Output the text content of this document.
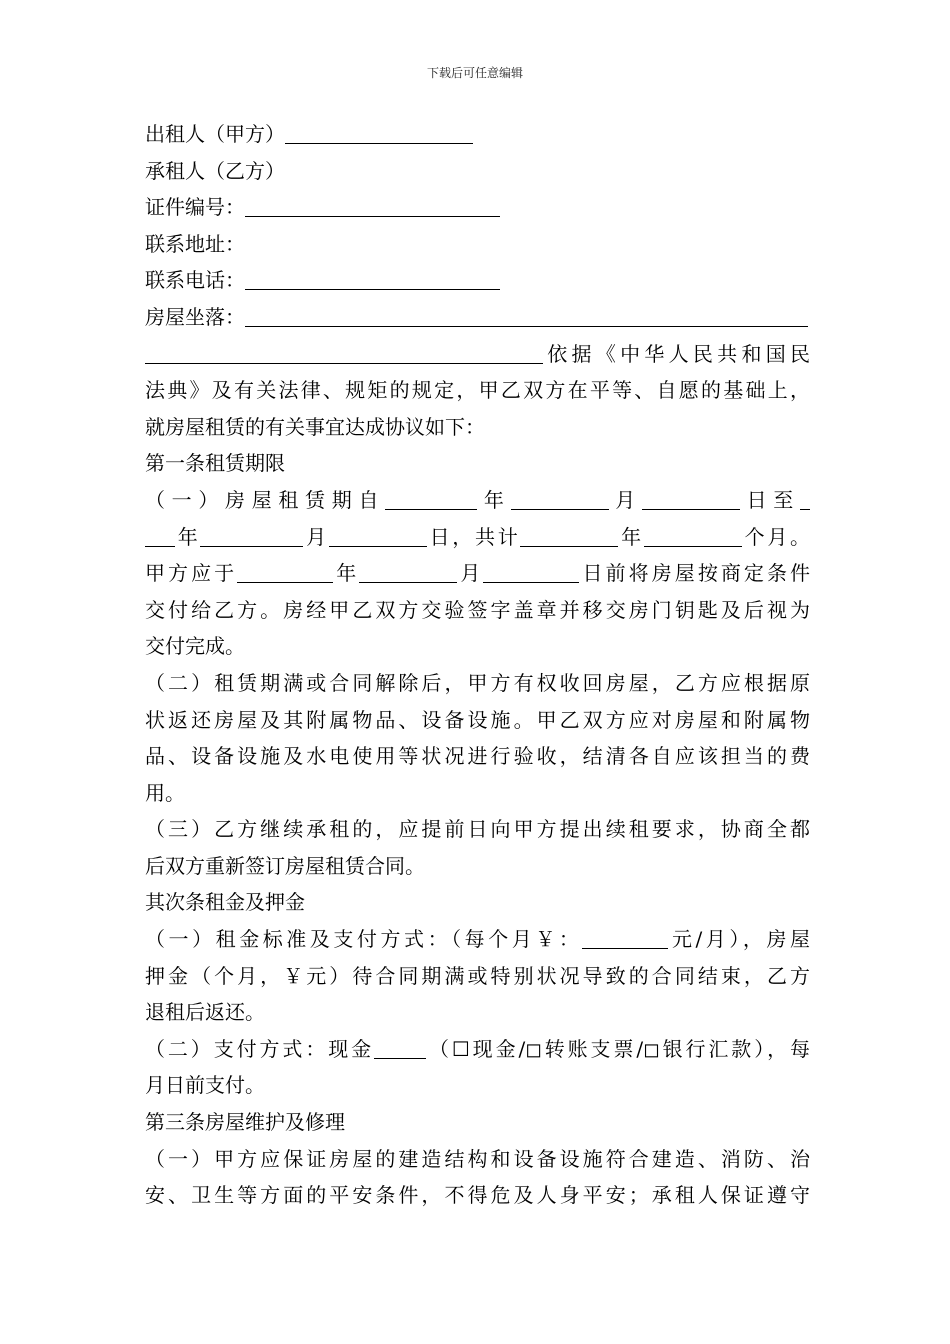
下载后可任意编辑
出租人（甲方）
承租人（乙方）
证件编号：
联系地址：
联系电话：
房屋坐落：
依据《中华人民共和国民
法典》及有关法律、规矩的规定，甲乙双方在平等、自愿的基础上，
就房屋租赁的有关事宜达成协议如下：
第一条租赁期限
（一）房屋租赁期自	年	月	日至
年	月	日，共计	年	个月。
甲方应于	年	月	日前将房屋按商定条件
交付给乙方。房经甲乙双方交验签字盖章并移交房门钥匙及后视为
交付完成。
（二）租赁期满或合同解除后，甲方有权收回房屋，乙方应根据原
状返还房屋及其附属物品、设备设施。甲乙双方应对房屋和附属物
品、设备设施及水电使用等状况进行验收，结清各自应该担当的费
用。
（三）乙方继续承租的，应提前日向甲方提出续租要求，协商全都
后双方重新签订房屋租赁合同。
其次条租金及押金
（一）租金标准及支付方式：（每个月￥：	元/月），房屋
押金（个月，￥元）待合同期满或特别状况导致的合同结束，乙方
退租后返还。
（二）支付方式：现金	（☐现金/◻转账支票/◻银行汇款），每
月日前支付。
第三条房屋维护及修理
（一）甲方应保证房屋的建造结构和设备设施符合建造、消防、治
安、卫生等方面的平安条件，不得危及人身平安；承租人保证遵守
